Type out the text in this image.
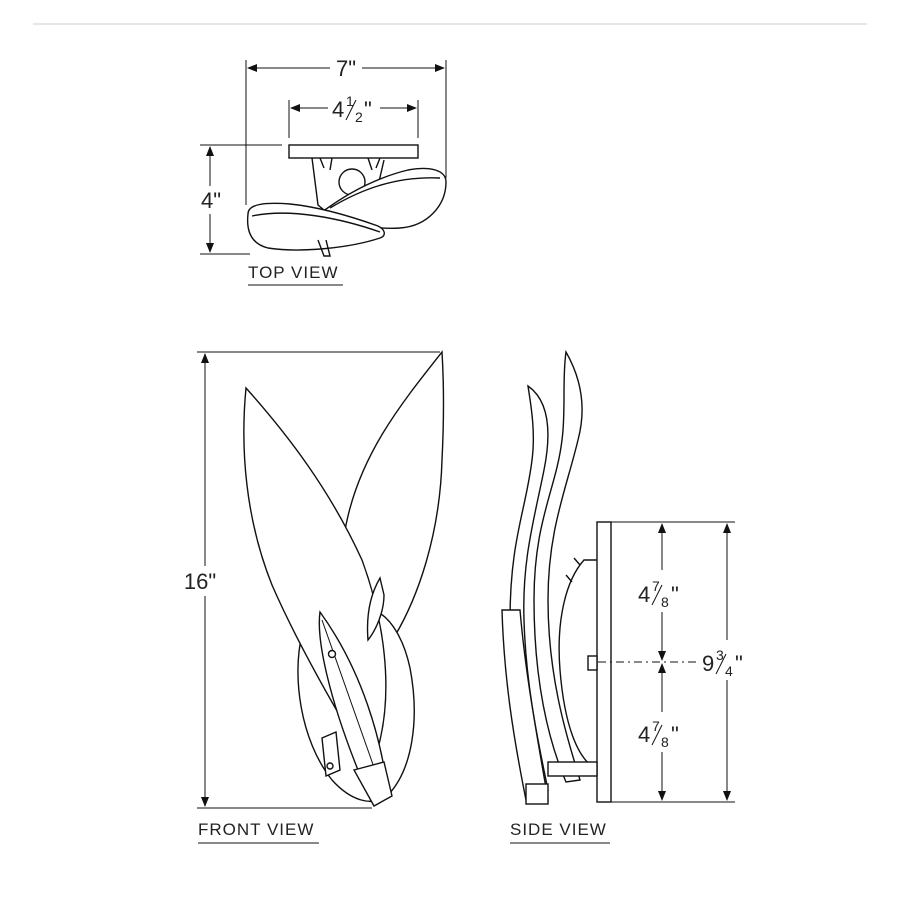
7"
4 1
2 "
4"
TOP VIEW
16"
FRONT VIEW
4 7
8 "
4 7
8 "
9 3
4 "
SIDE VIEW
